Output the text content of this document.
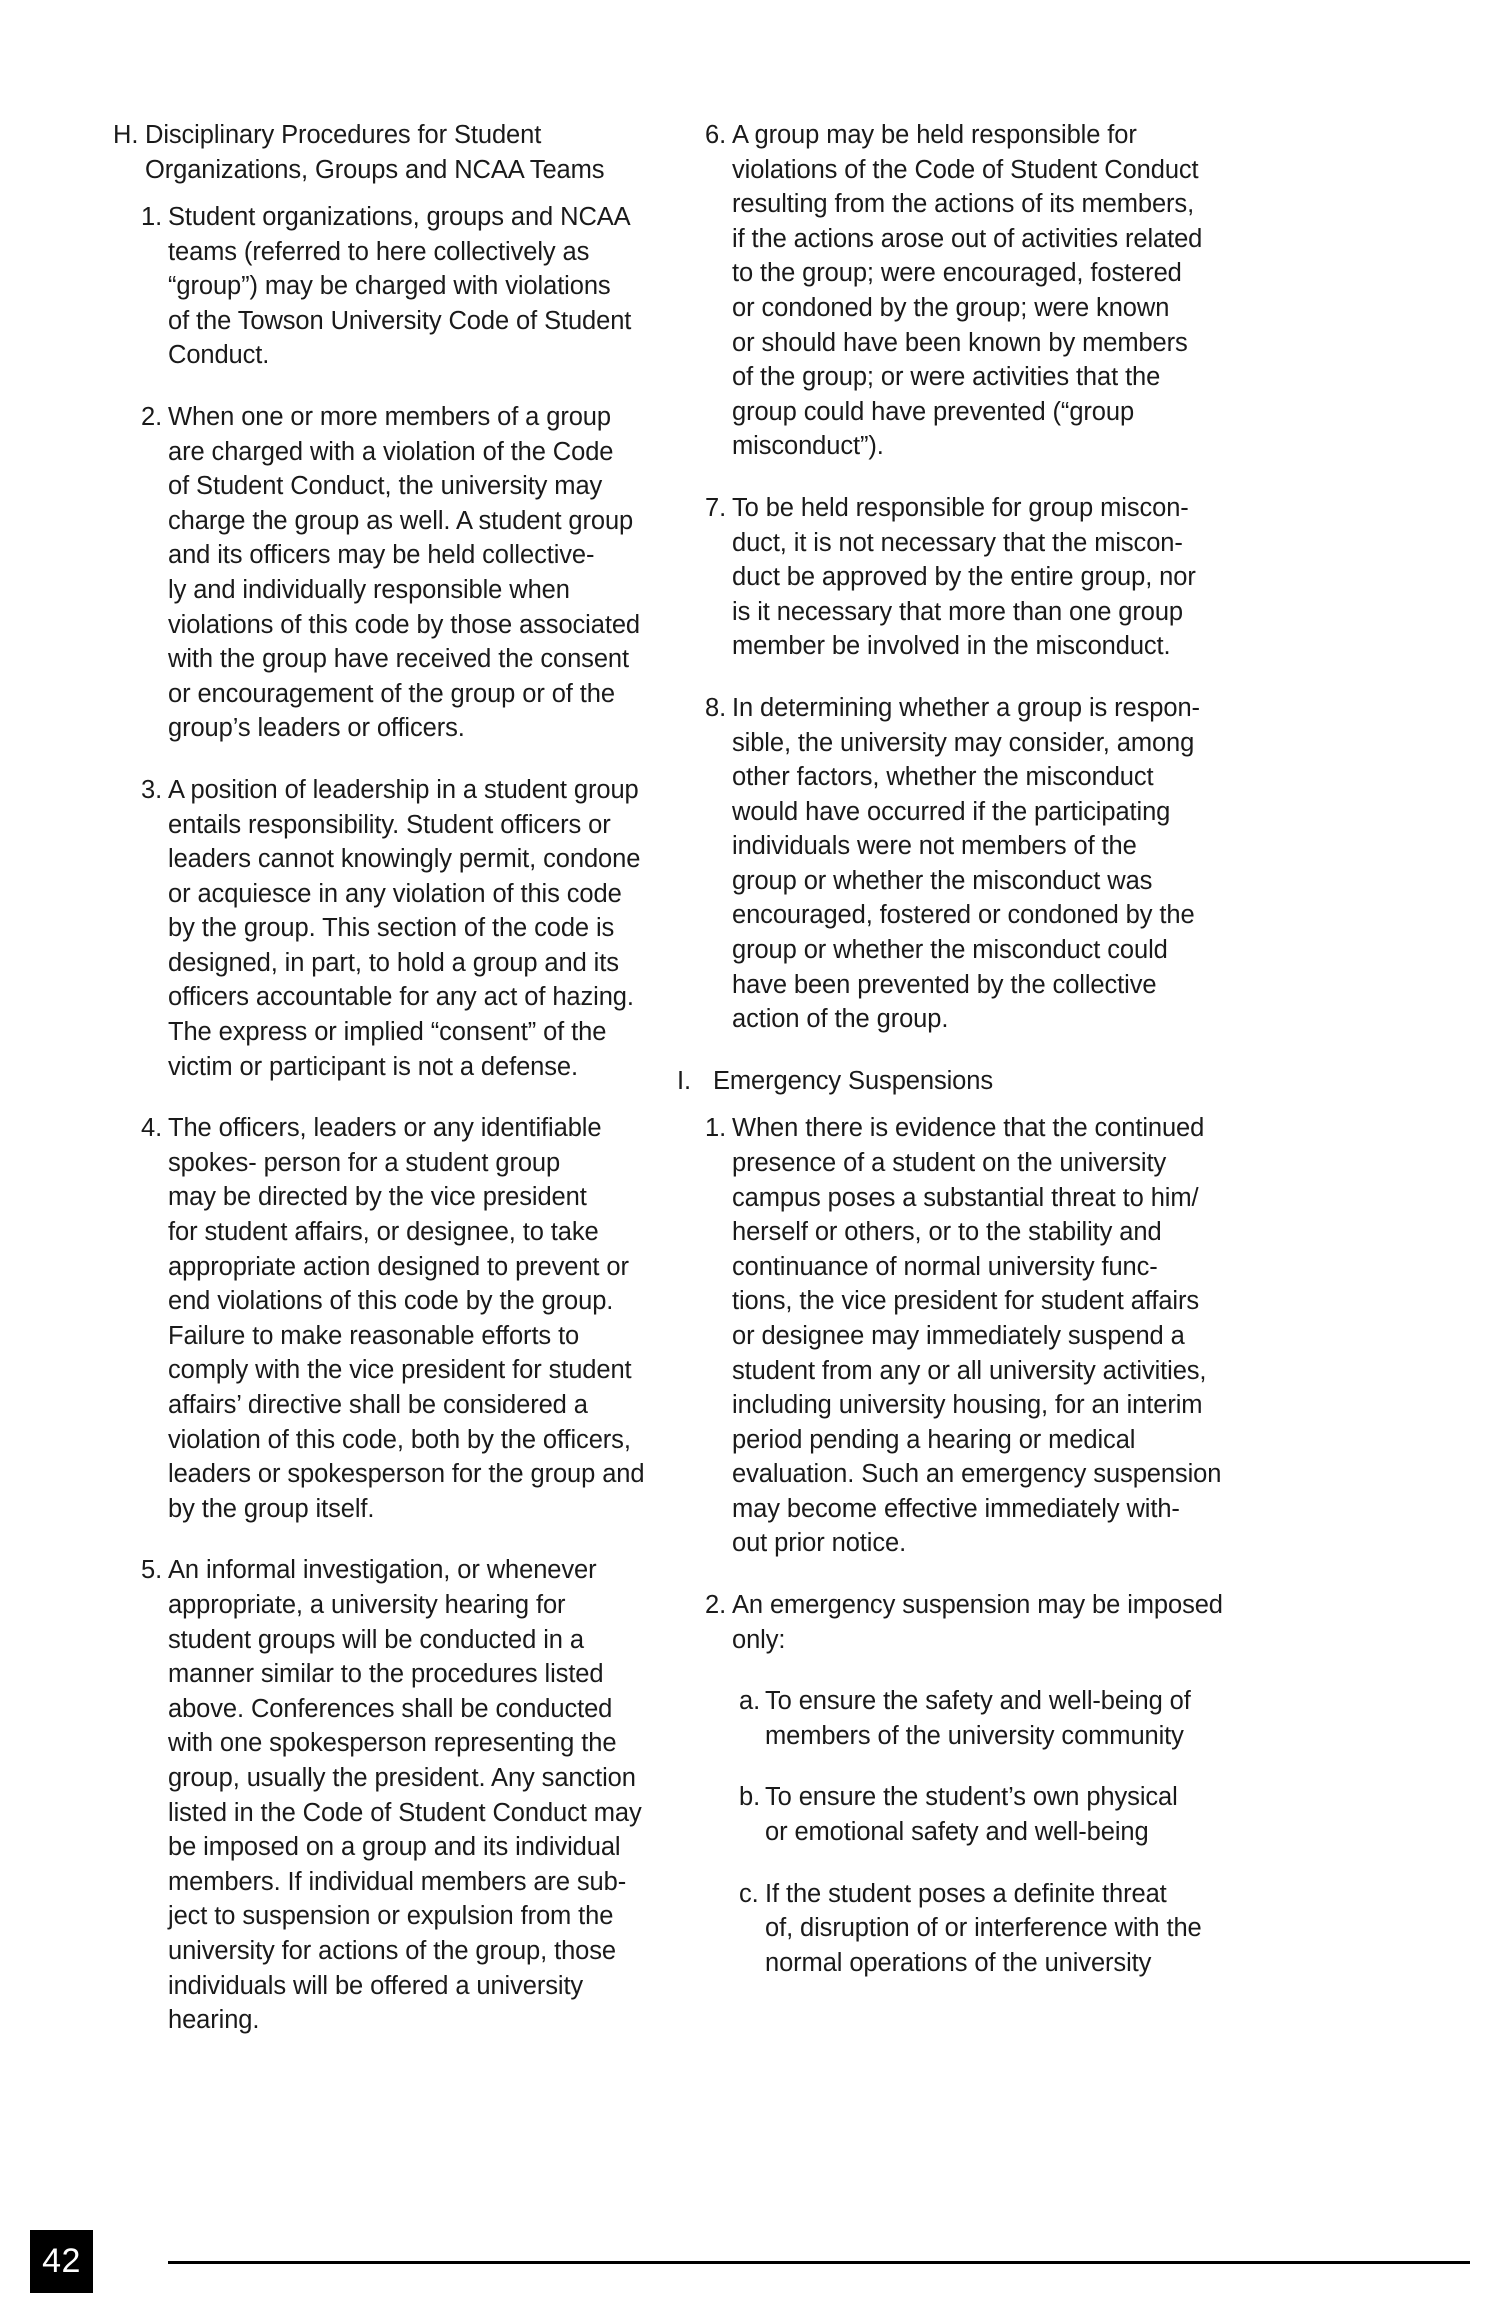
H. Disciplinary Procedures for Student Organizations, Groups and NCAA Teams
1. Student organizations, groups and NCAA
teams (referred to here collectively as
“group”) may be charged with violations
of the Towson University Code of Student
Conduct.
2. When one or more members of a group
are charged with a violation of the Code
of Student Conduct, the university may
charge the group as well. A student group
and its officers may be held collective-
ly and individually responsible when
violations of this code by those associated
with the group have received the consent
or encouragement of the group or of the
group’s leaders or officers.
3. A position of leadership in a student group
entails responsibility. Student officers or
leaders cannot knowingly permit, condone
or acquiesce in any violation of this code
by the group. This section of the code is
designed, in part, to hold a group and its
officers accountable for any act of hazing.
The express or implied “consent” of the
victim or participant is not a defense.
4. The officers, leaders or any identifiable
spokes- person for a student group
may be directed by the vice president
for student affairs, or designee, to take
appropriate action designed to prevent or
end violations of this code by the group.
Failure to make reasonable efforts to
comply with the vice president for student
affairs’ directive shall be considered a
violation of this code, both by the officers,
leaders or spokesperson for the group and
by the group itself.
5. An informal investigation, or whenever
appropriate, a university hearing for
student groups will be conducted in a
manner similar to the procedures listed
above. Conferences shall be conducted
with one spokesperson representing the
group, usually the president. Any sanction
listed in the Code of Student Conduct may
be imposed on a group and its individual
members. If individual members are sub-
ject to suspension or expulsion from the
university for actions of the group, those
individuals will be offered a university
hearing.
6. A group may be held responsible for
violations of the Code of Student Conduct
resulting from the actions of its members,
if the actions arose out of activities related
to the group; were encouraged, fostered
or condoned by the group; were known
or should have been known by members
of the group; or were activities that the
group could have prevented (“group
misconduct”).
7. To be held responsible for group miscon-
duct, it is not necessary that the miscon-
duct be approved by the entire group, nor
is it necessary that more than one group
member be involved in the misconduct.
8. In determining whether a group is respon-
sible, the university may consider, among
other factors, whether the misconduct
would have occurred if the participating
individuals were not members of the
group or whether the misconduct was
encouraged, fostered or condoned by the
group or whether the misconduct could
have been prevented by the collective
action of the group.
I. Emergency Suspensions
1. When there is evidence that the continued
presence of a student on the university
campus poses a substantial threat to him/
herself or others, or to the stability and
continuance of normal university func-
tions, the vice president for student affairs
or designee may immediately suspend a
student from any or all university activities,
including university housing, for an interim
period pending a hearing or medical
evaluation. Such an emergency suspension
may become effective immediately with-
out prior notice.
2. An emergency suspension may be imposed
only:
a. To ensure the safety and well-being of
members of the university community
b. To ensure the student’s own physical
or emotional safety and well-being
c. If the student poses a definite threat
of, disruption of or interference with the
normal operations of the university
42
